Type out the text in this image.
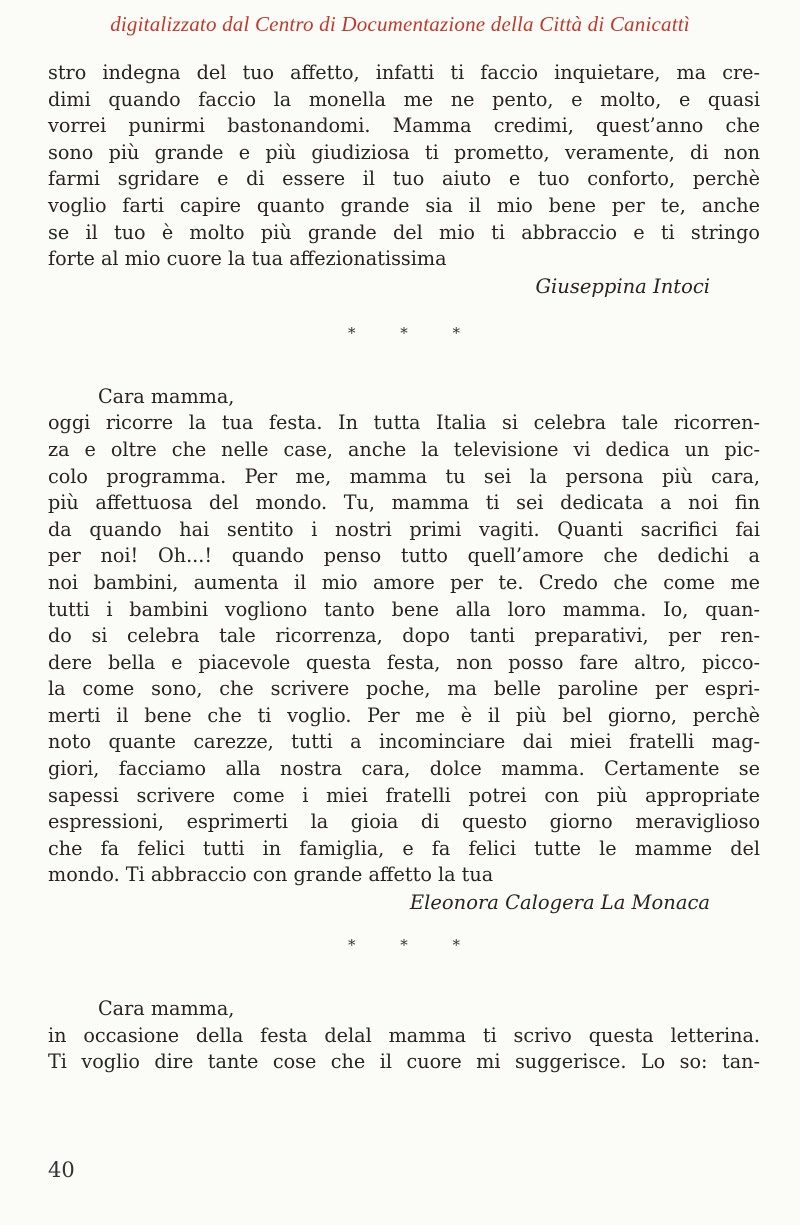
digitalizzato dal Centro di Documentazione della Città di Canicattì
stro indegna del tuo affetto, infatti ti faccio inquietare, ma cre-
dimi quando faccio la monella me ne pento, e molto, e quasi
vorrei punirmi bastonandomi. Mamma credimi, quest’anno che
sono più grande e più giudiziosa ti prometto, veramente, di non
farmi sgridare e di essere il tuo aiuto e tuo conforto, perchè
voglio farti capire quanto grande sia il mio bene per te, anche
se il tuo è molto più grande del mio ti abbraccio e ti stringo
forte al mio cuore la tua affezionatissima
Giuseppina Intoci
* * *
Cara mamma,
oggi ricorre la tua festa. In tutta Italia si celebra tale ricorren-
za e oltre che nelle case, anche la televisione vi dedica un pic-
colo programma. Per me, mamma tu sei la persona più cara,
più affettuosa del mondo. Tu, mamma ti sei dedicata a noi fin
da quando hai sentito i nostri primi vagiti. Quanti sacrifici fai
per noi! Oh...! quando penso tutto quell’amore che dedichi a
noi bambini, aumenta il mio amore per te. Credo che come me
tutti i bambini vogliono tanto bene alla loro mamma. Io, quan-
do si celebra tale ricorrenza, dopo tanti preparativi, per ren-
dere bella e piacevole questa festa, non posso fare altro, picco-
la come sono, che scrivere poche, ma belle paroline per espri-
merti il bene che ti voglio. Per me è il più bel giorno, perchè
noto quante carezze, tutti a incominciare dai miei fratelli mag-
giori, facciamo alla nostra cara, dolce mamma. Certamente se
sapessi scrivere come i miei fratelli potrei con più appropriate
espressioni, esprimerti la gioia di questo giorno meraviglioso
che fa felici tutti in famiglia, e fa felici tutte le mamme del
mondo. Ti abbraccio con grande affetto la tua
Eleonora Calogera La Monaca
* * *
Cara mamma,
in occasione della festa delal mamma ti scrivo questa letterina.
Ti voglio dire tante cose che il cuore mi suggerisce. Lo so: tan-
40
